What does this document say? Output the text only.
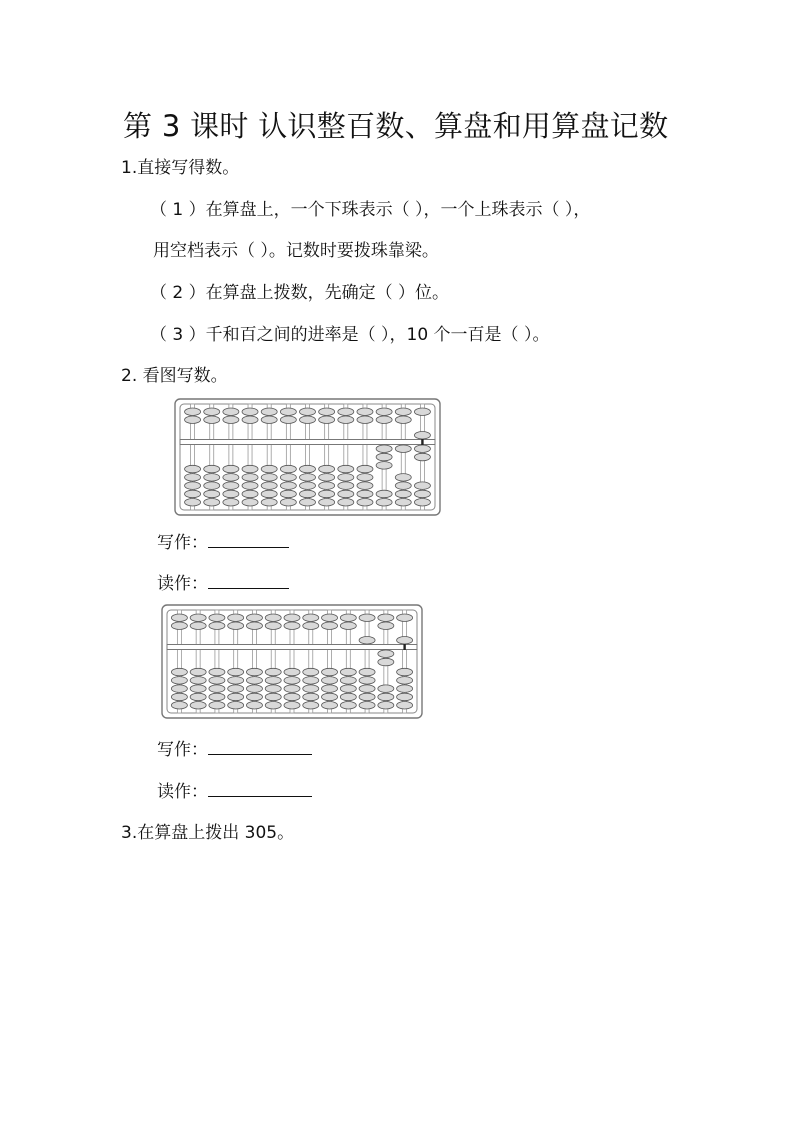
第 3 课时 认识整百数、算盘和用算盘记数
1.直接写得数。
（ 1 ）在算盘上，一个下珠表示（ ），一个上珠表示（ ），
用空档表示（ ）。记数时要拨珠靠梁。
（ 2 ）在算盘上拨数，先确定（ ）位。
（ 3 ）千和百之间的进率是（ ），10 个一百是（ ）。
2. 看图写数。
写作：
读作：
写作：
读作：
3.在算盘上拨出 305。
